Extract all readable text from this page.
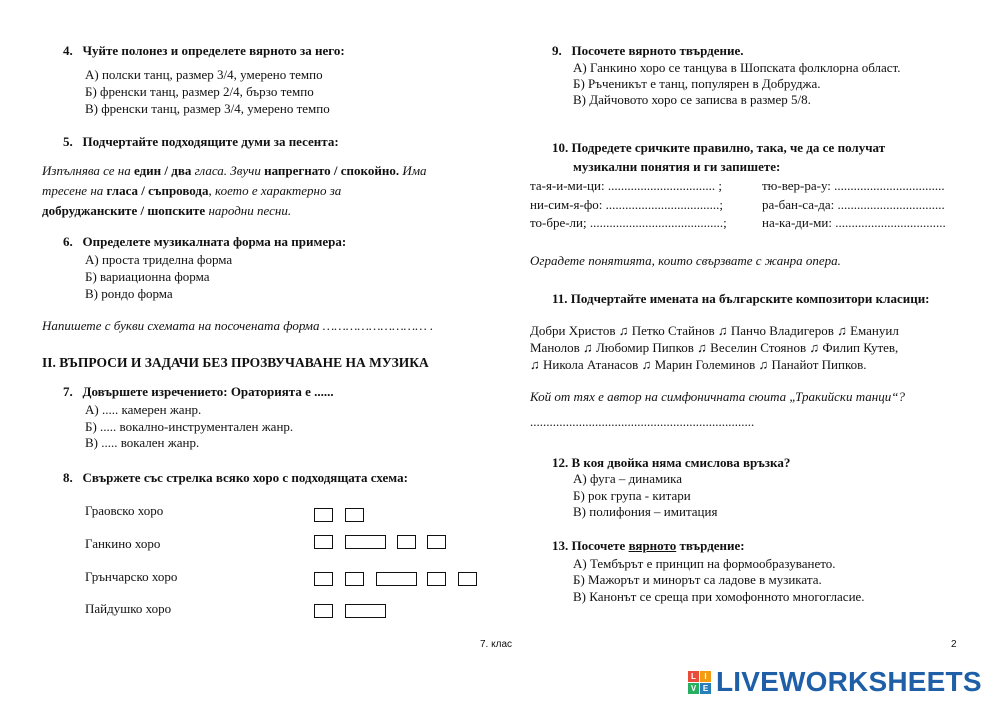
4.   Чуйте полонез и определете вярното за него:
А) полски танц, размер 3/4, умерено темпо
Б) френски танц, размер 2/4, бързо темпо
В) френски танц, размер 3/4, умерено темпо
5.   Подчертайте подходящите думи за песента:
Изпълнява се на един / два гласа. Звучи напрегнато / спокойно. Има
тресене на гласа / съпровода, което е характерно за
добруджанските / шопските народни песни.
6.   Определете музикалната форма на примера:
А) проста триделна форма
Б) вариационна форма
В) рондо форма
Напишете с букви схемата на посочената форма ……………………… .
II. ВЪПРОСИ И ЗАДАЧИ БЕЗ ПРОЗВУЧАВАНЕ НА МУЗИКА
7.   Довършете изречението: Ораторията е ......
А) ..... камерен жанр.
Б) ..... вокално-инструментален жанр.
В) ..... вокален жанр.
8.   Свържете със стрелка всяко хоро с подходящата схема:
Граовско хоро
Ганкино хоро
Грънчарско хоро
Пайдушко хоро
9.   Посочете вярното твърдение.
А) Ганкино хоро се танцува в Шопската фолклорна област.
Б) Ръченикът е танц, популярен в Добруджа.
В) Дайчовото хоро се записва в размер 5/8.
10. Подредете сричките правилно, така, че да се получат
музикални понятия и ги запишете:
та-я-и-ми-ци: ................................. ;	тю-вер-ра-у: ..................................
ни-сим-я-фо: ...................................;	ра-бан-са-да: .................................
то-бре-ли; .........................................;	на-ка-ди-ми: ..................................
Оградете понятията, които свързвате с жанра опера.
11. Подчертайте имената на българските композитори класици:
Добри Христов ♫ Петко Стайнов ♫ Панчо Владигеров ♫ Емануил
Манолов ♫ Любомир Пипков ♫ Веселин Стоянов ♫ Филип Кутев,
♫ Никола Атанасов ♫ Марин Големинов ♫ Панайот Пипков.
Кой от тях е автор на симфоничната сюита „Тракийски танци“?
.....................................................................
12. В коя двойка няма смислова връзка?
А) фуга – динамика
Б) рок група - китари
В) полифония – имитация
13. Посочете вярното твърдение:
А) Тембърът е принцип на формообразуването.
Б) Мажорът и минорът са ладове в музиката.
В) Канонът се среща при хомофонното многогласие.
7. клас	2
L	I
V E LIVEWORKSHEETS
